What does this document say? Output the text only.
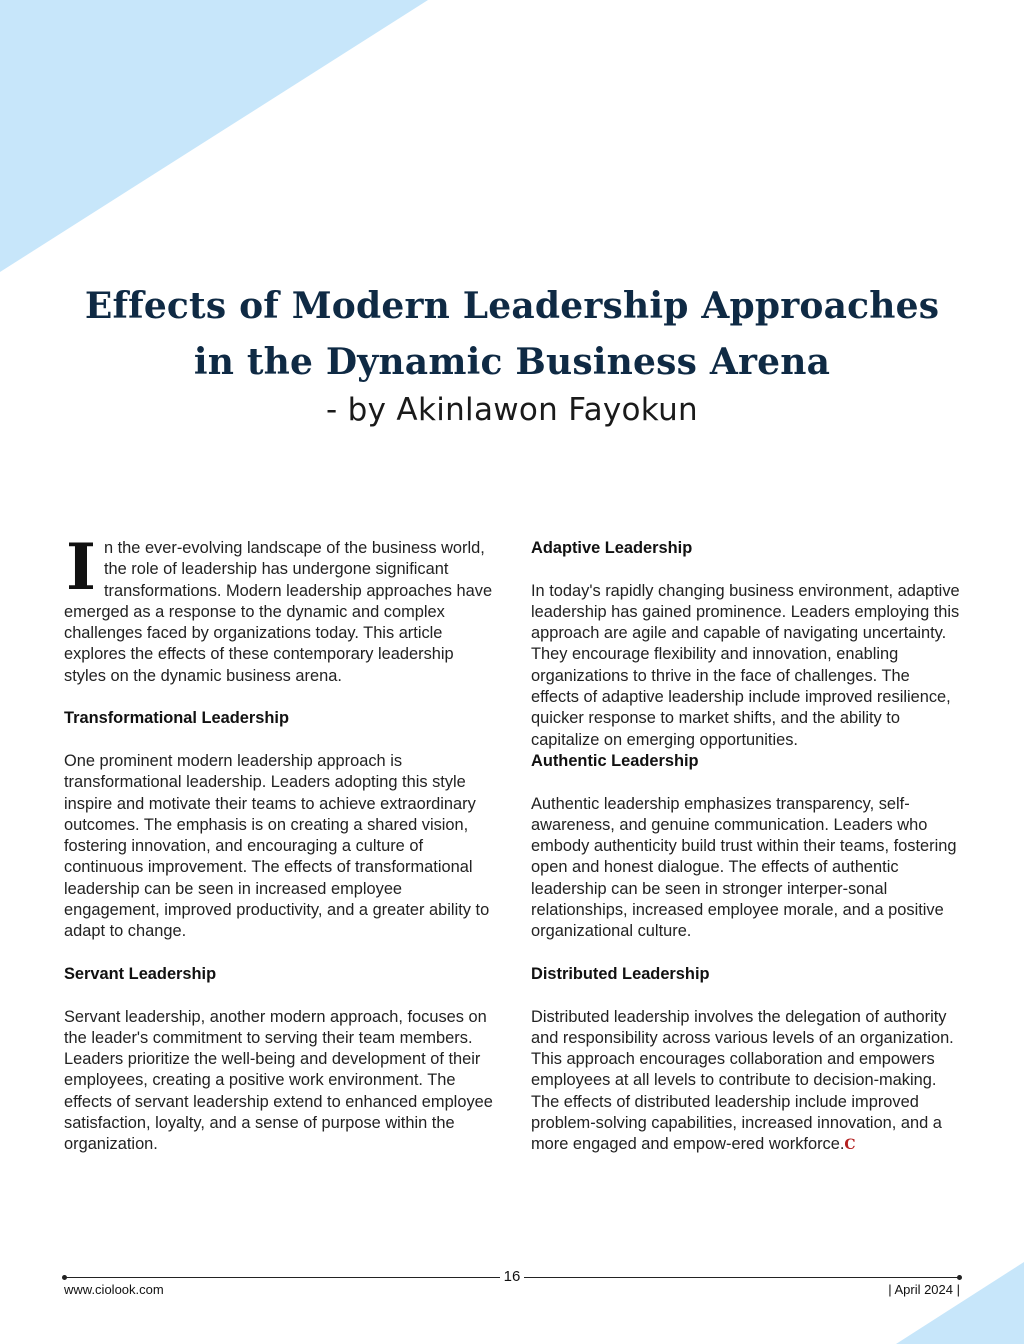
Effects of Modern Leadership Approaches
in the Dynamic Business Arena
- by Akinlawon Fayokun

In the ever-evolving landscape of the business world, the role of leadership has undergone significant transformations. Modern leadership approaches have emerged as a response to the dynamic and complex challenges faced by organizations today. This article explores the effects of these contemporary leadership styles on the dynamic business arena.

Transformational Leadership

One prominent modern leadership approach is transformational leadership. Leaders adopting this style inspire and motivate their teams to achieve extraordinary outcomes. The emphasis is on creating a shared vision, fostering innovation, and encouraging a culture of continuous improvement. The effects of transformational leadership can be seen in increased employee engagement, improved productivity, and a greater ability to adapt to change.

Servant Leadership

Servant leadership, another modern approach, focuses on the leader's commitment to serving their team members. Leaders prioritize the well-being and development of their employees, creating a positive work environment. The effects of servant leadership extend to enhanced employee satisfaction, loyalty, and a sense of purpose within the organization.

Adaptive Leadership

In today's rapidly changing business environment, adaptive leadership has gained prominence. Leaders employing this approach are agile and capable of navigating uncertainty. They encourage flexibility and innovation, enabling organizations to thrive in the face of challenges. The effects of adaptive leadership include improved resilience, quicker response to market shifts, and the ability to capitalize on emerging opportunities.

Authentic Leadership

Authentic leadership emphasizes transparency, self-awareness, and genuine communication. Leaders who embody authenticity build trust within their teams, fostering open and honest dialogue. The effects of authentic leadership can be seen in stronger interper-sonal relationships, increased employee morale, and a positive organizational culture.

Distributed Leadership

Distributed leadership involves the delegation of authority and responsibility across various levels of an organization. This approach encourages collaboration and empowers employees at all levels to contribute to decision-making. The effects of distributed leadership include improved problem-solving capabilities, increased innovation, and a more engaged and empow-ered workforce.C

16
www.ciolook.com	| April 2024 |
